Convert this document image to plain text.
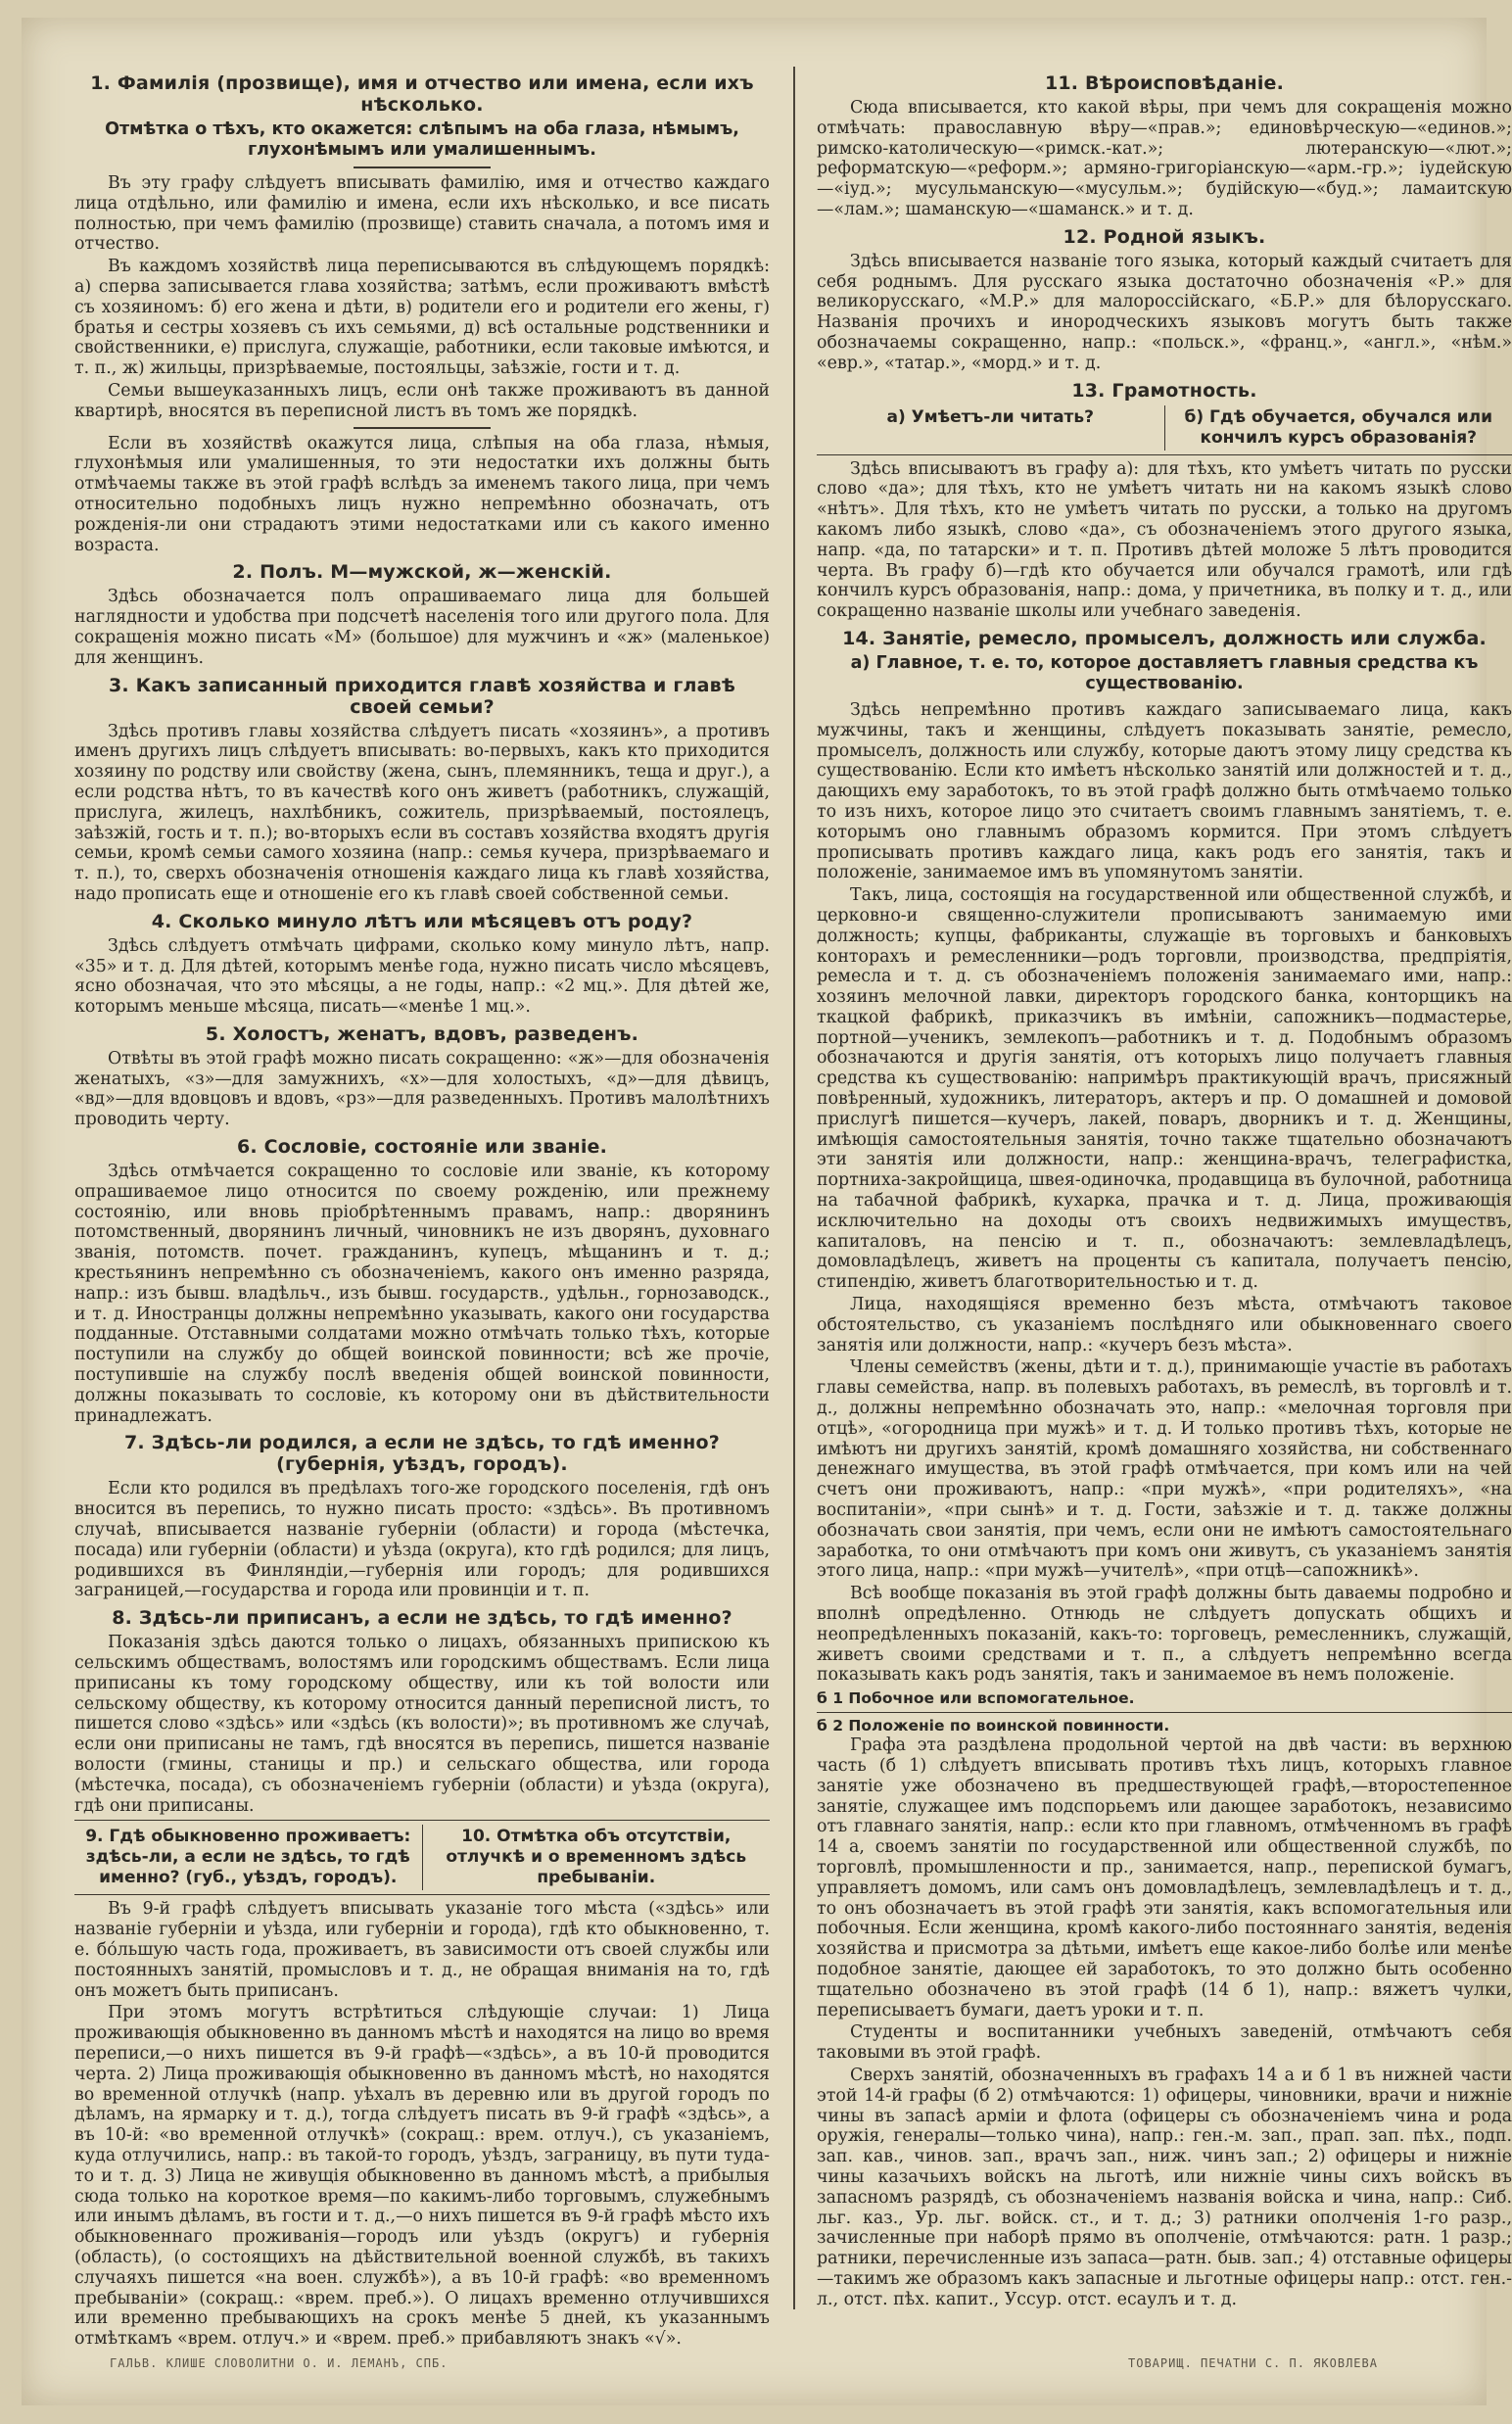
1. Фамилія (прозвище), имя и отчество или имена, если ихъ нѣсколько.
Отмѣтка о тѣхъ, кто окажется: слѣпымъ на оба глаза, нѣмымъ, глухонѣмымъ или умалишеннымъ.

Въ эту графу слѣдуетъ вписывать фамилію, имя и отчество каждаго лица отдѣльно, или фамилію и имена, если ихъ нѣсколько, и все писать полностью, при чемъ фамилію (прозвище) ставить сначала, а потомъ имя и отчество.

Въ каждомъ хозяйствѣ лица переписываются въ слѣдующемъ порядкѣ: а) сперва записывается глава хозяйства; затѣмъ, если проживаютъ вмѣстѣ съ хозяиномъ: б) его жена и дѣти, в) родители его и родители его жены, г) братья и сестры хозяевъ съ ихъ семьями, д) всѣ остальные родственники и свойственники, е) прислуга, служащіе, работники, если таковые имѣются, и т. п., ж) жильцы, призрѣваемые, постояльцы, заѣзжіе, гости и т. д.

Семьи вышеуказанныхъ лицъ, если онѣ также проживаютъ въ данной квартирѣ, вносятся въ переписной листъ въ томъ же порядкѣ.

Если въ хозяйствѣ окажутся лица, слѣпыя на оба глаза, нѣмыя, глухонѣмыя или умалишенныя, то эти недостатки ихъ должны быть отмѣчаемы также въ этой графѣ вслѣдъ за именемъ такого лица, при чемъ относительно подобныхъ лицъ нужно непремѣнно обозначать, отъ рожденія-ли они страдаютъ этими недостатками или съ какого именно возраста.

2. Полъ. М—мужской, ж—женскій.

Здѣсь обозначается полъ опрашиваемаго лица для большей наглядности и удобства при подсчетѣ населенія того или другого пола. Для сокращенія можно писать «М» (большое) для мужчинъ и «ж» (маленькое) для женщинъ.

3. Какъ записанный приходится главѣ хозяйства и главѣ своей семьи?

Здѣсь противъ главы хозяйства слѣдуетъ писать «хозяинъ», а противъ именъ другихъ лицъ слѣдуетъ вписывать: во-первыхъ, какъ кто приходится хозяину по родству или свойству (жена, сынъ, племянникъ, теща и друг.), а если родства нѣтъ, то въ качествѣ кого онъ живетъ (работникъ, служащій, прислуга, жилецъ, нахлѣбникъ, сожитель, призрѣваемый, постоялецъ, заѣзжій, гость и т. п.); во-вторыхъ если въ составъ хозяйства входятъ другія семьи, кромѣ семьи самого хозяина (напр.: семья кучера, призрѣваемаго и т. п.), то, сверхъ обозначенія отношенія каждаго лица къ главѣ хозяйства, надо прописать еще и отношеніе его къ главѣ своей собственной семьи.

4. Сколько минуло лѣтъ или мѣсяцевъ отъ роду?

Здѣсь слѣдуетъ отмѣчать цифрами, сколько кому минуло лѣтъ, напр. «35» и т. д. Для дѣтей, которымъ менѣе года, нужно писать число мѣсяцевъ, ясно обозначая, что это мѣсяцы, а не годы, напр.: «2 мц.». Для дѣтей же, которымъ меньше мѣсяца, писать—«менѣе 1 мц.».

5. Холостъ, женатъ, вдовъ, разведенъ.

Отвѣты въ этой графѣ можно писать сокращенно: «ж»—для обозначенія женатыхъ, «з»—для замужнихъ, «х»—для холостыхъ, «д»—для дѣвицъ, «вд»—для вдовцовъ и вдовъ, «рз»—для разведенныхъ. Противъ малолѣтнихъ проводить черту.

6. Сословіе, состояніе или званіе.

Здѣсь отмѣчается сокращенно то сословіе или званіе, къ которому опрашиваемое лицо относится по своему рожденію, или прежнему состоянію, или вновь пріобрѣтеннымъ правамъ, напр.: дворянинъ потомственный, дворянинъ личный, чиновникъ не изъ дворянъ, духовнаго званія, потомств. почет. гражданинъ, купецъ, мѣщанинъ и т. д.; крестьянинъ непремѣнно съ обозначеніемъ, какого онъ именно разряда, напр.: изъ бывш. владѣльч., изъ бывш. государств., удѣльн., горнозаводск., и т. д. Иностранцы должны непремѣнно указывать, какого они государства подданные. Отставными солдатами можно отмѣчать только тѣхъ, которые поступили на службу до общей воинской повинности; всѣ же прочіе, поступившіе на службу послѣ введенія общей воинской повинности, должны показывать то сословіе, къ которому они въ дѣйствительности принадлежатъ.

7. Здѣсь-ли родился, а если не здѣсь, то гдѣ именно? (губернія, уѣздъ, городъ).

Если кто родился въ предѣлахъ того-же городского поселенія, гдѣ онъ вносится въ перепись, то нужно писать просто: «здѣсь». Въ противномъ случаѣ, вписывается названіе губерніи (области) и города (мѣстечка, посада) или губерніи (области) и уѣзда (округа), кто гдѣ родился; для лицъ, родившихся въ Финляндіи,—губернія или городъ; для родившихся заграницей,—государства и города или провинціи и т. п.

8. Здѣсь-ли приписанъ, а если не здѣсь, то гдѣ именно?

Показанія здѣсь даются только о лицахъ, обязанныхъ припискою къ сельскимъ обществамъ, волостямъ или городскимъ обществамъ. Если лица приписаны къ тому городскому обществу, или къ той волости или сельскому обществу, къ которому относится данный переписной листъ, то пишется слово «здѣсь» или «здѣсь (къ волости)»; въ противномъ же случаѣ, если они приписаны не тамъ, гдѣ вносятся въ перепись, пишется названіе волости (гмины, станицы и пр.) и сельскаго общества, или города (мѣстечка, посада), съ обозначеніемъ губерніи (области) и уѣзда (округа), гдѣ они приписаны.

9. Гдѣ обыкновенно проживаетъ: здѣсь-ли, а если не здѣсь, то гдѣ именно? (губ., уѣздъ, городъ).
10. Отмѣтка объ отсутствіи, отлучкѣ и о временномъ здѣсь пребываніи.

Въ 9-й графѣ слѣдуетъ вписывать указаніе того мѣста («здѣсь» или названіе губерніи и уѣзда, или губерніи и города), гдѣ кто обыкновенно, т. е. бо́льшую часть года, проживаетъ, въ зависимости отъ своей службы или постоянныхъ занятій, промысловъ и т. д., не обращая вниманія на то, гдѣ онъ можетъ быть приписанъ.

При этомъ могутъ встрѣтиться слѣдующіе случаи: 1) Лица проживающія обыкновенно въ данномъ мѣстѣ и находятся на лицо во время переписи,—о нихъ пишется въ 9-й графѣ—«здѣсь», а въ 10-й проводится черта. 2) Лица проживающія обыкновенно въ данномъ мѣстѣ, но находятся во временной отлучкѣ (напр. уѣхалъ въ деревню или въ другой городъ по дѣламъ, на ярмарку и т. д.), тогда слѣдуетъ писать въ 9-й графѣ «здѣсь», а въ 10-й: «во временной отлучкѣ» (сокращ.: врем. отлуч.), съ указаніемъ, куда отлучились, напр.: въ такой-то городъ, уѣздъ, заграницу, въ пути туда-то и т. д. 3) Лица не живущія обыкновенно въ данномъ мѣстѣ, а прибылыя сюда только на короткое время—по какимъ-либо торговымъ, служебнымъ или инымъ дѣламъ, въ гости и т. д.,—о нихъ пишется въ 9-й графѣ мѣсто ихъ обыкновеннаго проживанія—городъ или уѣздъ (округъ) и губернія (область), (о состоящихъ на дѣйствительной военной службѣ, въ такихъ случаяхъ пишется «на воен. службѣ»), а въ 10-й графѣ: «во временномъ пребываніи» (сокращ.: «врем. преб.»). О лицахъ временно отлучившихся или временно пребывающихъ на срокъ менѣе 5 дней, къ указаннымъ отмѣткамъ «врем. отлуч.» и «врем. преб.» прибавляютъ знакъ «√».

11. Вѣроисповѣданіе.

Сюда вписывается, кто какой вѣры, при чемъ для сокращенія можно отмѣчать: православную вѣру—«прав.»; единовѣрческую—«единов.»; римско-католическую—«римск.-кат.»; лютеранскую—«лют.»; реформатскую—«реформ.»; армяно-григоріанскую—«арм.-гр.»; іудейскую—«іуд.»; мусульманскую—«мусульм.»; будійскую—«буд.»; ламаитскую—«лам.»; шаманскую—«шаманск.» и т. д.

12. Родной языкъ.

Здѣсь вписывается названіе того языка, который каждый считаетъ для себя роднымъ. Для русскаго языка достаточно обозначенія «Р.» для великорусскаго, «М.Р.» для малороссійскаго, «Б.Р.» для бѣлорусскаго. Названія прочихъ и инородческихъ языковъ могутъ быть также обозначаемы сокращенно, напр.: «польск.», «франц.», «англ.», «нѣм.» «евр.», «татар.», «морд.» и т. д.

13. Грамотность.
а) Умѣетъ-ли читать?	б) Гдѣ обучается, обучался или кончилъ курсъ образованія?

Здѣсь вписываютъ въ графу а): для тѣхъ, кто умѣетъ читать по русски слово «да»; для тѣхъ, кто не умѣетъ читать ни на какомъ языкѣ слово «нѣтъ». Для тѣхъ, кто не умѣетъ читать по русски, а только на другомъ какомъ либо языкѣ, слово «да», съ обозначеніемъ этого другого языка, напр. «да, по татарски» и т. п. Противъ дѣтей моложе 5 лѣтъ проводится черта. Въ графу б)—гдѣ кто обучается или обучался грамотѣ, или гдѣ кончилъ курсъ образованія, напр.: дома, у причетника, въ полку и т. д., или сокращенно названіе школы или учебнаго заведенія.

14. Занятіе, ремесло, промыселъ, должность или служба.
а) Главное, т. е. то, которое доставляетъ главныя средства къ существованію.

Здѣсь непремѣнно противъ каждаго записываемаго лица, какъ мужчины, такъ и женщины, слѣдуетъ показывать занятіе, ремесло, промыселъ, должность или службу, которые даютъ этому лицу средства къ существованію. Если кто имѣетъ нѣсколько занятій или должностей и т. д., дающихъ ему заработокъ, то въ этой графѣ должно быть отмѣчаемо только то изъ нихъ, которое лицо это считаетъ своимъ главнымъ занятіемъ, т. е. которымъ оно главнымъ образомъ кормится. При этомъ слѣдуетъ прописывать противъ каждаго лица, какъ родъ его занятія, такъ и положеніе, занимаемое имъ въ упомянутомъ занятіи.

Такъ, лица, состоящія на государственной или общественной службѣ, и церковно-и священно-служители прописываютъ занимаемую ими должность; купцы, фабриканты, служащіе въ торговыхъ и банковыхъ конторахъ и ремесленники—родъ торговли, производства, предпріятія, ремесла и т. д. съ обозначеніемъ положенія занимаемаго ими, напр.: хозяинъ мелочной лавки, директоръ городского банка, конторщикъ на ткацкой фабрикѣ, приказчикъ въ имѣніи, сапожникъ—подмастерье, портной—ученикъ, землекопъ—работникъ и т. д. Подобнымъ образомъ обозначаются и другія занятія, отъ которыхъ лицо получаетъ главныя средства къ существованію: напримѣръ практикующій врачъ, присяжный повѣренный, художникъ, литераторъ, актеръ и пр. О домашней и домовой прислугѣ пишется—кучеръ, лакей, поваръ, дворникъ и т. д. Женщины, имѣющія самостоятельныя занятія, точно также тщательно обозначаютъ эти занятія или должности, напр.: женщина-врачъ, телеграфистка, портниха-закройщица, швея-одиночка, продавщица въ булочной, работница на табачной фабрикѣ, кухарка, прачка и т. д. Лица, проживающія исключительно на доходы отъ своихъ недвижимыхъ имуществъ, капиталовъ, на пенсію и т. п., обозначаютъ: землевладѣлецъ, домовладѣлецъ, живетъ на проценты съ капитала, получаетъ пенсію, стипендію, живетъ благотворительностью и т. д.

Лица, находящіяся временно безъ мѣста, отмѣчаютъ таковое обстоятельство, съ указаніемъ послѣдняго или обыкновеннаго своего занятія или должности, напр.: «кучеръ безъ мѣста».

Члены семействъ (жены, дѣти и т. д.), принимающіе участіе въ работахъ главы семейства, напр. въ полевыхъ работахъ, въ ремеслѣ, въ торговлѣ и т. д., должны непремѣнно обозначать это, напр.: «мелочная торговля при отцѣ», «огородница при мужѣ» и т. д. И только противъ тѣхъ, которые не имѣютъ ни другихъ занятій, кромѣ домашняго хозяйства, ни собственнаго денежнаго имущества, въ этой графѣ отмѣчается, при комъ или на чей счетъ они проживаютъ, напр.: «при мужѣ», «при родителяхъ», «на воспитаніи», «при сынѣ» и т. д. Гости, заѣзжіе и т. д. также должны обозначать свои занятія, при чемъ, если они не имѣютъ самостоятельнаго заработка, то они отмѣчаютъ при комъ они живутъ, съ указаніемъ занятія этого лица, напр.: «при мужѣ—учителѣ», «при отцѣ—сапожникѣ».

Всѣ вообще показанія въ этой графѣ должны быть даваемы подробно и вполнѣ опредѣленно. Отнюдь не слѣдуетъ допускать общихъ и неопредѣленныхъ показаній, какъ-то: торговецъ, ремесленникъ, служащій, живетъ своими средствами и т. п., а слѣдуетъ непремѣнно всегда показывать какъ родъ занятія, такъ и занимаемое въ немъ положеніе.

б 1 Побочное или вспомогательное.
б 2 Положеніе по воинской повинности.

Графа эта раздѣлена продольной чертой на двѣ части: въ верхнюю часть (б 1) слѣдуетъ вписывать противъ тѣхъ лицъ, которыхъ главное занятіе уже обозначено въ предшествующей графѣ,—второстепенное занятіе, служащее имъ подспорьемъ или дающее заработокъ, независимо отъ главнаго занятія, напр.: если кто при главномъ, отмѣченномъ въ графѣ 14 а, своемъ занятіи по государственной или общественной службѣ, по торговлѣ, промышленности и пр., занимается, напр., перепиской бумагъ, управляетъ домомъ, или самъ онъ домовладѣлецъ, землевладѣлецъ и т. д., то онъ обозначаетъ въ этой графѣ эти занятія, какъ вспомогательныя или побочныя. Если женщина, кромѣ какого-либо постояннаго занятія, веденія хозяйства и присмотра за дѣтьми, имѣетъ еще какое-либо болѣе или менѣе подобное занятіе, дающее ей заработокъ, то это должно быть особенно тщательно обозначено въ этой графѣ (14 б 1), напр.: вяжетъ чулки, переписываетъ бумаги, даетъ уроки и т. п.

Студенты и воспитанники учебныхъ заведеній, отмѣчаютъ себя таковыми въ этой графѣ.

Сверхъ занятій, обозначенныхъ въ графахъ 14 а и б 1 въ нижней части этой 14-й графы (б 2) отмѣчаются: 1) офицеры, чиновники, врачи и нижніе чины въ запасѣ арміи и флота (офицеры съ обозначеніемъ чина и рода оружія, генералы—только чина), напр.: ген.-м. зап., прап. зап. пѣх., подп. зап. кав., чинов. зап., врачъ зап., ниж. чинъ зап.; 2) офицеры и нижніе чины казачьихъ войскъ на льготѣ, или нижніе чины сихъ войскъ въ запасномъ разрядѣ, съ обозначеніемъ названія войска и чина, напр.: Сиб. льг. каз., Ур. льг. войск. ст., и т. д.; 3) ратники ополченія 1-го разр., зачисленные при наборѣ прямо въ ополченіе, отмѣчаются: ратн. 1 разр.; ратники, перечисленные изъ запаса—ратн. быв. зап.; 4) отставные офицеры—такимъ же образомъ какъ запасные и льготные офицеры напр.: отст. ген.-л., отст. пѣх. капит., Уссур. отст. есаулъ и т. д.

ГАЛЬВ. КЛИШЕ СЛОВОЛИТНИ О. И. ЛЕМАНЪ, СПБ.	ТОВАРИЩ. ПЕЧАТНИ С. П. ЯКОВЛЕВА
